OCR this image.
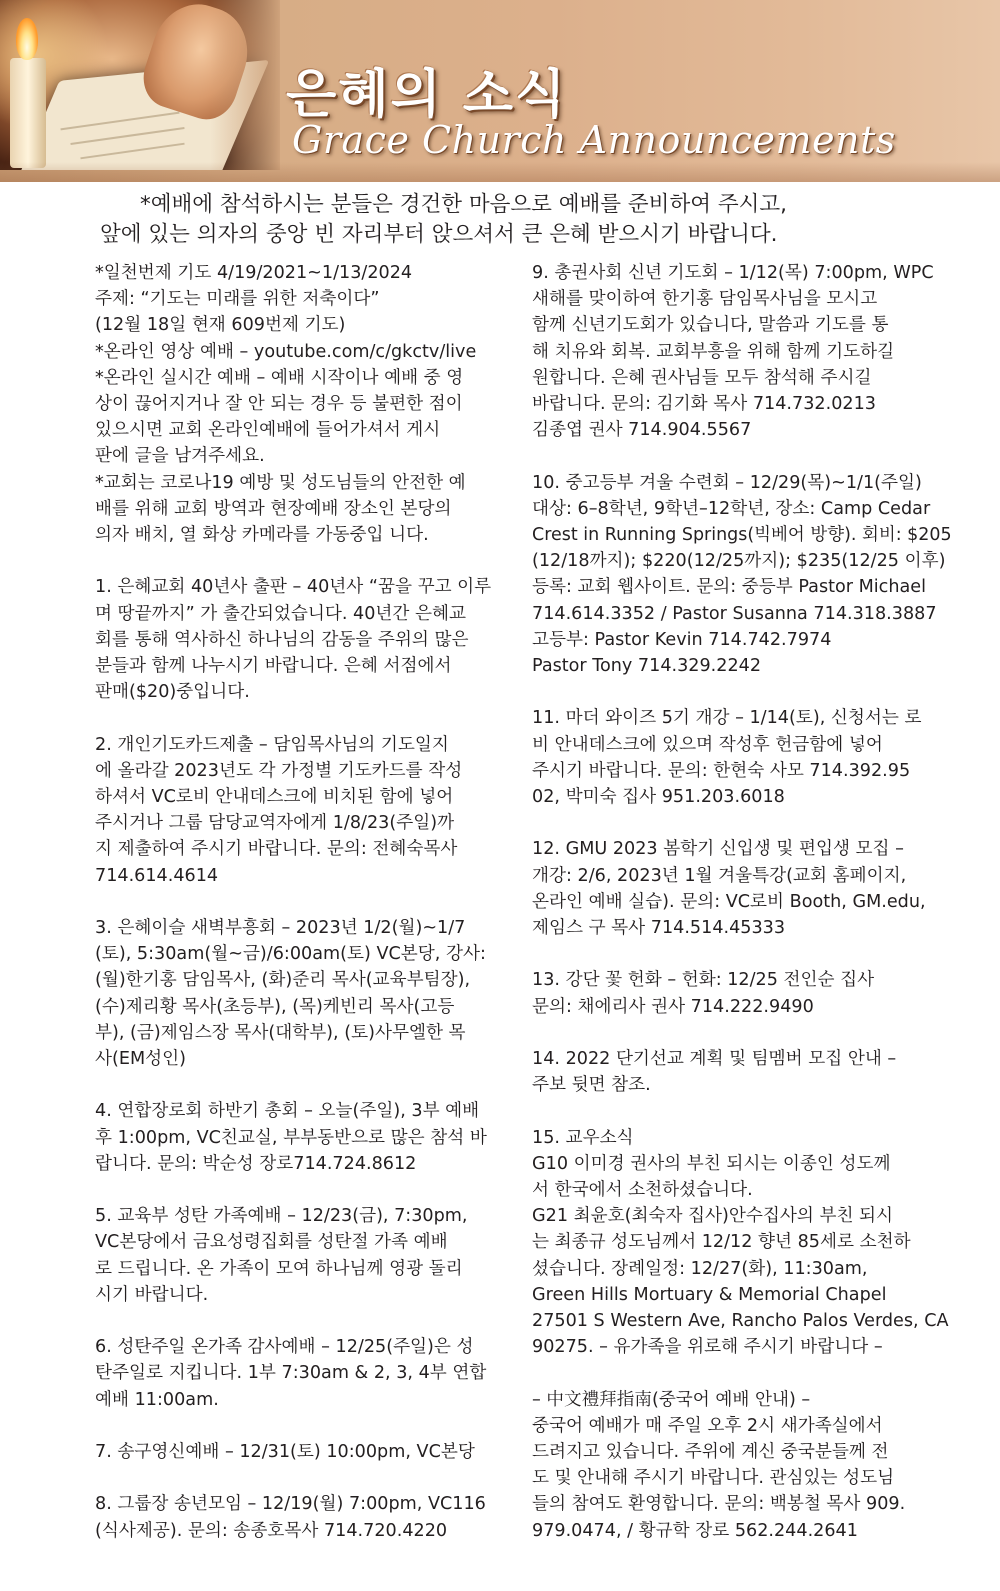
은혜의 소식
Grace Church Announcements
*예배에 참석하시는 분들은 경건한 마음으로 예배를 준비하여 주시고,
앞에 있는 의자의 중앙 빈 자리부터 앉으셔서 큰 은혜 받으시기 바랍니다.
*일천번제 기도 4/19/2021~1/13/2024
주제: “기도는 미래를 위한 저축이다”
(12월 18일 현재 609번제 기도)
*온라인 영상 예배 – youtube.com/c/gkctv/live
*온라인 실시간 예배 – 예배 시작이나 예배 중 영
상이 끊어지거나 잘 안 되는 경우 등 불편한 점이
있으시면 교회 온라인예배에 들어가셔서 게시
판에 글을 남겨주세요.
*교회는 코로나19 예방 및 성도님들의 안전한 예
배를 위해 교회 방역과 현장예배 장소인 본당의
의자 배치, 열 화상 카메라를 가동중입 니다.
1. 은혜교회 40년사 출판 – 40년사 “꿈을 꾸고 이루
며 땅끝까지” 가 출간되었습니다. 40년간 은혜교
회를 통해 역사하신 하나님의 감동을 주위의 많은
분들과 함께 나누시기 바랍니다. 은혜 서점에서
판매($20)중입니다.
2. 개인기도카드제출 – 담임목사님의 기도일지
에 올라갈 2023년도 각 가정별 기도카드를 작성
하셔서 VC로비 안내데스크에 비치된 함에 넣어
주시거나 그룹 담당교역자에게 1/8/23(주일)까
지 제출하여 주시기 바랍니다. 문의: 전혜숙목사
714.614.4614
3. 은혜이슬 새벽부흥회 – 2023년 1/2(월)~1/7
(토), 5:30am(월~금)/6:00am(토) VC본당, 강사:
(월)한기홍 담임목사, (화)준리 목사(교육부팀장),
(수)제리황 목사(초등부), (목)케빈리 목사(고등
부), (금)제임스장 목사(대학부), (토)사무엘한 목
사(EM성인)
4. 연합장로회 하반기 총회 – 오늘(주일), 3부 예배
후 1:00pm, VC친교실, 부부동반으로 많은 참석 바
랍니다. 문의: 박순성 장로714.724.8612
5. 교육부 성탄 가족예배 – 12/23(금), 7:30pm,
VC본당에서 금요성령집회를 성탄절 가족 예배
로 드립니다. 온 가족이 모여 하나님께 영광 돌리
시기 바랍니다.
6. 성탄주일 온가족 감사예배 – 12/25(주일)은 성
탄주일로 지킵니다. 1부 7:30am & 2, 3, 4부 연합
예배 11:00am.
7. 송구영신예배 – 12/31(토) 10:00pm, VC본당
8. 그룹장 송년모임 – 12/19(월) 7:00pm, VC116
(식사제공). 문의: 송종호목사 714.720.4220
9. 총권사회 신년 기도회 – 1/12(목) 7:00pm, WPC
새해를 맞이하여 한기홍 담임목사님을 모시고
함께 신년기도회가 있습니다, 말씀과 기도를 통
해 치유와 회복. 교회부흥을 위해 함께 기도하길
원합니다. 은혜 권사님들 모두 참석해 주시길
바랍니다. 문의: 김기화 목사 714.732.0213
김종엽 권사 714.904.5567
10. 중고등부 겨울 수련회 – 12/29(목)~1/1(주일)
대상: 6–8학년, 9학년–12학년, 장소: Camp Cedar
Crest in Running Springs(빅베어 방향). 회비: $205
(12/18까지); $220(12/25까지); $235(12/25 이후)
등록: 교회 웹사이트. 문의: 중등부 Pastor Michael
714.614.3352 / Pastor Susanna 714.318.3887
고등부: Pastor Kevin 714.742.7974
Pastor Tony 714.329.2242
11. 마더 와이즈 5기 개강 – 1/14(토), 신청서는 로
비 안내데스크에 있으며 작성후 헌금함에 넣어
주시기 바랍니다. 문의: 한현숙 사모 714.392.95
02, 박미숙 집사 951.203.6018
12. GMU 2023 봄학기 신입생 및 편입생 모집 –
개강: 2/6, 2023년 1월 겨울특강(교회 홈페이지,
온라인 예배 실습). 문의: VC로비 Booth, GM.edu,
제임스 구 목사 714.514.45333
13. 강단 꽃 헌화 – 헌화: 12/25 전인순 집사
문의: 채에리사 권사 714.222.9490
14. 2022 단기선교 계획 및 팀멤버 모집 안내 –
주보 뒷면 참조.
15. 교우소식
G10 이미경 권사의 부친 되시는 이종인 성도께
서 한국에서 소천하셨습니다.
G21 최윤호(최숙자 집사)안수집사의 부친 되시
는 최종규 성도님께서 12/12 향년 85세로 소천하
셨습니다. 장례일정: 12/27(화), 11:30am,
Green Hills Mortuary & Memorial Chapel
27501 S Western Ave, Rancho Palos Verdes, CA
90275. – 유가족을 위로해 주시기 바랍니다 –
– 中文禮拜指南(중국어 예배 안내) –
중국어 예배가 매 주일 오후 2시 새가족실에서
드려지고 있습니다. 주위에 계신 중국분들께 전
도 및 안내해 주시기 바랍니다. 관심있는 성도님
들의 참여도 환영합니다. 문의: 백봉철 목사 909.
979.0474, / 황규학 장로 562.244.2641
